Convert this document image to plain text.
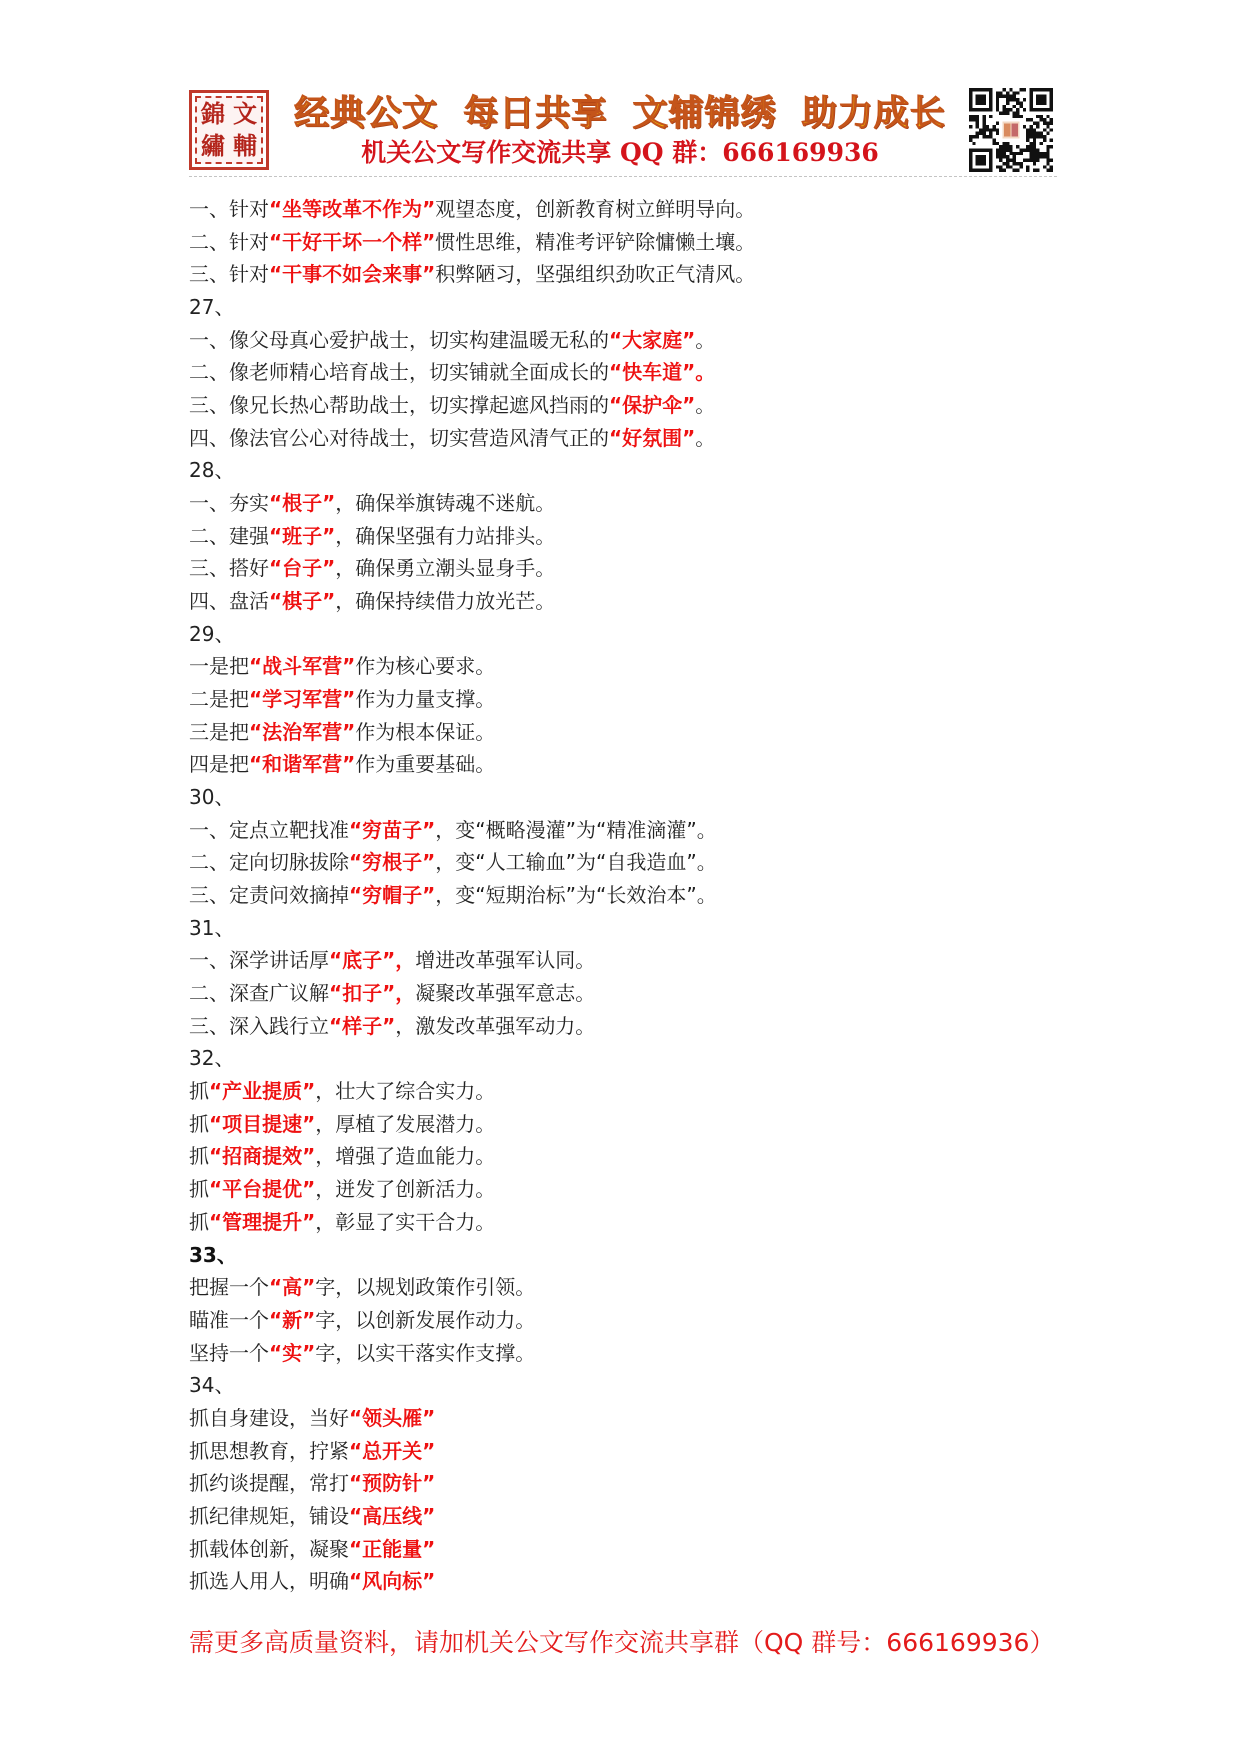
錦 文
繡 輔
经典公文 每日共享 文辅锦绣 助力成长
机关公文写作交流共享 QQ 群：666169936
一、针对“坐等改革不作为”观望态度，创新教育树立鲜明导向。
二、针对“干好干坏一个样”惯性思维，精准考评铲除慵懒土壤。
三、针对“干事不如会来事”积弊陋习，坚强组织劲吹正气清风。
27、
一、像父母真心爱护战士，切实构建温暖无私的“大家庭”。
二、像老师精心培育战士，切实铺就全面成长的“快车道”。
三、像兄长热心帮助战士，切实撑起遮风挡雨的“保护伞”。
四、像法官公心对待战士，切实营造风清气正的“好氛围”。
28、
一、夯实“根子”，确保举旗铸魂不迷航。
二、建强“班子”，确保坚强有力站排头。
三、搭好“台子”，确保勇立潮头显身手。
四、盘活“棋子”，确保持续借力放光芒。
29、
一是把“战斗军营”作为核心要求。
二是把“学习军营”作为力量支撑。
三是把“法治军营”作为根本保证。
四是把“和谐军营”作为重要基础。
30、
一、定点立靶找准“穷苗子”，变“概略漫灌”为“精准滴灌”。
二、定向切脉拔除“穷根子”，变“人工输血”为“自我造血”。
三、定责问效摘掉“穷帽子”，变“短期治标”为“长效治本”。
31、
一、深学讲话厚“底子”，增进改革强军认同。
二、深查广议解“扣子”，凝聚改革强军意志。
三、深入践行立“样子”，激发改革强军动力。
32、
抓“产业提质”，壮大了综合实力。
抓“项目提速”，厚植了发展潜力。
抓“招商提效”，增强了造血能力。
抓“平台提优”，迸发了创新活力。
抓“管理提升”，彰显了实干合力。
33、
把握一个“高”字，以规划政策作引领。
瞄准一个“新”字，以创新发展作动力。
坚持一个“实”字，以实干落实作支撑。
34、
抓自身建设，当好“领头雁”
抓思想教育，拧紧“总开关”
抓约谈提醒，常打“预防针”
抓纪律规矩，铺设“高压线”
抓载体创新，凝聚“正能量”
抓选人用人，明确“风向标”
需更多高质量资料，请加机关公文写作交流共享群（QQ 群号：666169936）
